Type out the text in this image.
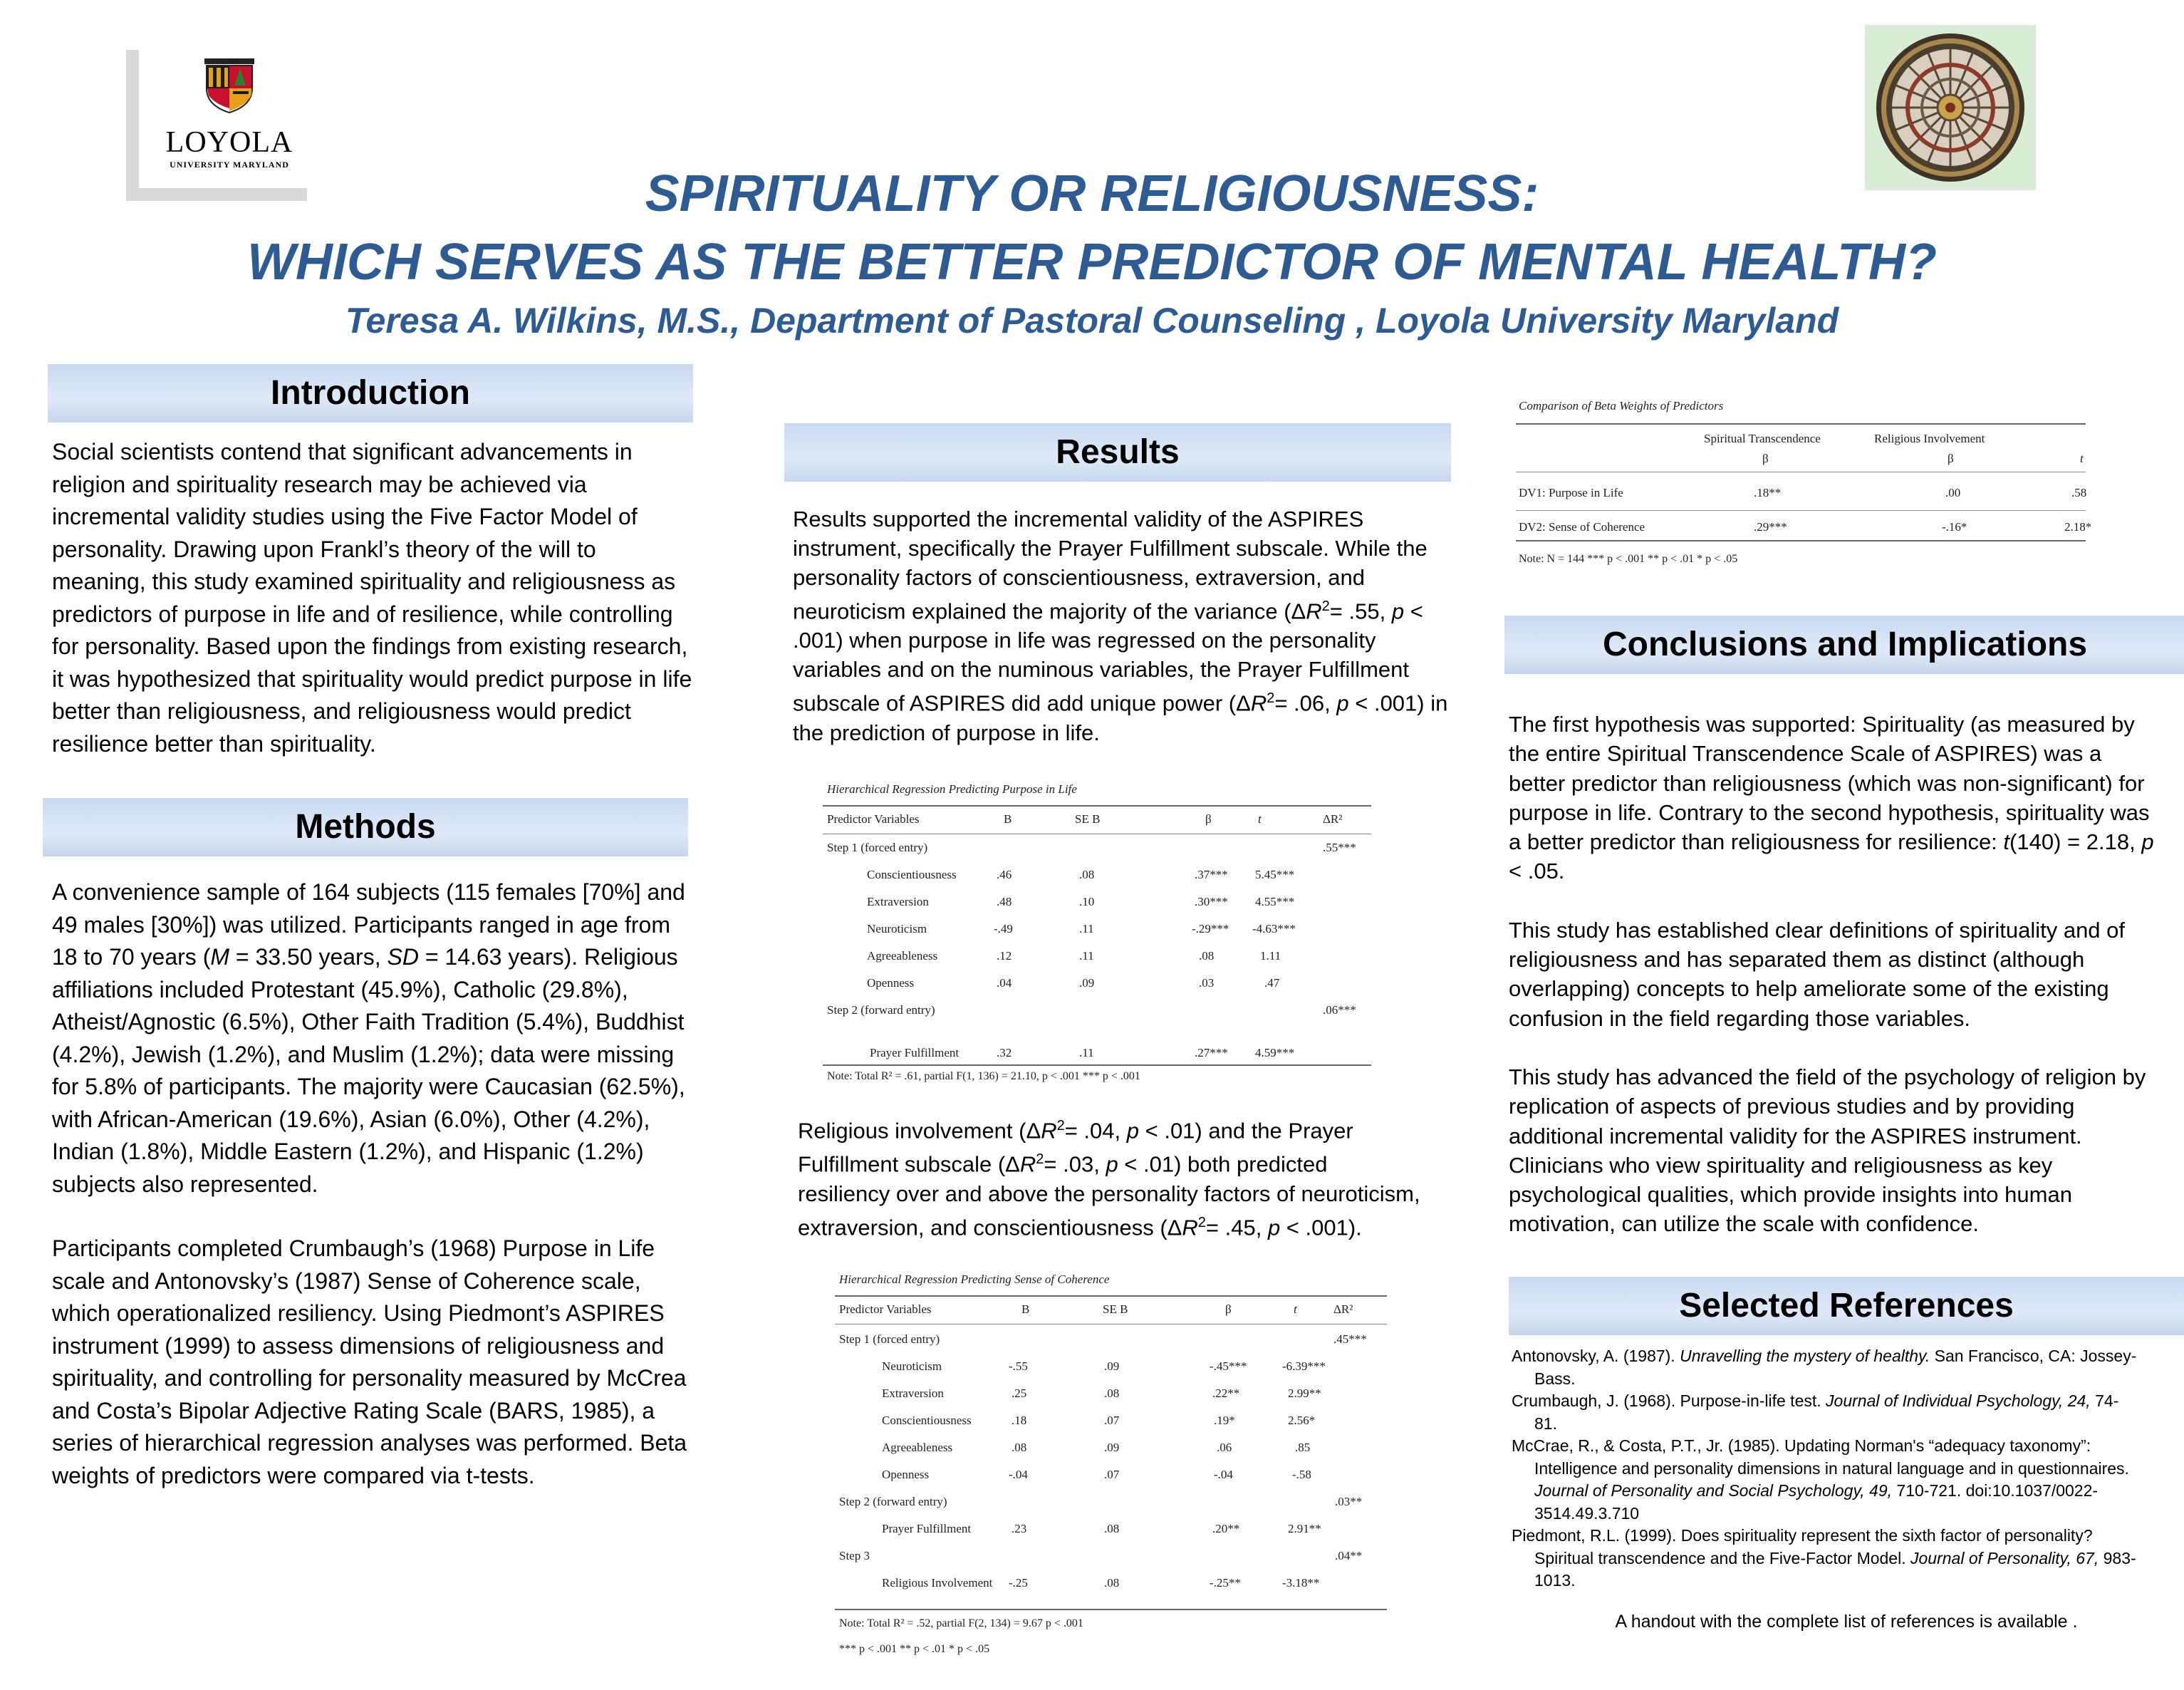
LOYOLA
UNIVERSITY MARYLAND
SPIRITUALITY OR RELIGIOUSNESS:
WHICH SERVES AS THE BETTER PREDICTOR OF MENTAL HEALTH?
Teresa A. Wilkins, M.S., Department of Pastoral Counseling , Loyola University Maryland
Introduction

Social scientists contend that significant advancements in religion and spirituality research may be achieved via incremental validity studies using the Five Factor Model of personality. Drawing upon Frankl’s theory of the will to meaning, this study examined spirituality and religiousness as predictors of purpose in life and of resilience, while controlling for personality. Based upon the findings from existing research, it was hypothesized that spirituality would predict purpose in life better than religiousness, and religiousness would predict resilience better than spirituality.

Methods

A convenience sample of 164 subjects (115 females [70%] and 49 males [30%]) was utilized. Participants ranged in age from 18 to 70 years (M = 33.50 years, SD = 14.63 years). Religious affiliations included Protestant (45.9%), Catholic (29.8%), Atheist/Agnostic (6.5%), Other Faith Tradition (5.4%), Buddhist (4.2%), Jewish (1.2%), and Muslim (1.2%); data were missing for 5.8% of participants. The majority were Caucasian (62.5%), with African-American (19.6%), Asian (6.0%), Other (4.2%), Indian (1.8%), Middle Eastern (1.2%), and Hispanic (1.2%) subjects also represented.

Participants completed Crumbaugh’s (1968) Purpose in Life scale and Antonovsky’s (1987) Sense of Coherence scale, which operationalized resiliency. Using Piedmont’s ASPIRES instrument (1999) to assess dimensions of religiousness and spirituality, and controlling for personality measured by McCrea and Costa’s Bipolar Adjective Rating Scale (BARS, 1985), a series of hierarchical regression analyses was performed. Beta weights of predictors were compared via t-tests.

Results

Results supported the incremental validity of the ASPIRES instrument, specifically the Prayer Fulfillment subscale. While the personality factors of conscientiousness, extraversion, and neuroticism explained the majority of the variance ($\Delta R^2= .55$, p < .001) when purpose in life was regressed on the personality variables and on the numinous variables, the Prayer Fulfillment subscale of ASPIRES did add unique power ($\Delta R^2= .06$, p < .001) in the prediction of purpose in life.

Hierarchical Regression Predicting Purpose in Life
Predictor Variables	B	SE B	β	t	ΔR²
Step 1 (forced entry)	.55***
Conscientiousness	.46	.08	.37*** 5.45***
Extraversion	.48	.10	.30*** 4.55***
Neuroticism	-.49	.11	-.29*** -4.63***
Agreeableness	.12	.11	.08	1.11
Openness	.04	.09	.03	.47
Step 2 (forward entry)	.06***
Prayer Fulfillment	.32	.11	.27*** 4.59***
Note: Total R² = .61, partial F(1, 136) = 21.10, p < .001 *** p < .001

Religious involvement ($\Delta R^2= .04$, p < .01) and the Prayer Fulfillment subscale ($\Delta R^2= .03$, p < .01) both predicted resiliency over and above the personality factors of neuroticism, extraversion, and conscientiousness ($\Delta R^2= .45$, p < .001).

Hierarchical Regression Predicting Sense of Coherence
Predictor Variables	B	SE B	β	t	ΔR²
Step 1 (forced entry)	.45***
Neuroticism	-.55	.09	-.45***	-6.39***
Extraversion	.25	.08	.22**	2.99**
Conscientiousness	.18	.07	.19*	2.56*
Agreeableness	.08	.09	.06	.85
Openness	-.04	.07	-.04	-.58
Step 2 (forward entry)	.03**
Prayer Fulfillment	.23	.08	.20**	2.91**
Step 3	.04**
Religious Involvement -.25	.08	-.25**	-3.18**
Note: Total R² = .52, partial F(2, 134) = 9.67 p < .001
*** p < .001 ** p < .01 * p < .05
Comparison of Beta Weights of Predictors
Spiritual Transcendence	Religious Involvement
β	β	t
DV1: Purpose in Life	.18**	.00	.58
DV2: Sense of Coherence	.29***	-.16*	2.18*
Note: N = 144 *** p < .001 ** p < .01 * p < .05
Conclusions and Implications

The first hypothesis was supported: Spirituality (as measured by the entire Spiritual Transcendence Scale of ASPIRES) was a better predictor than religiousness (which was non-significant) for purpose in life. Contrary to the second hypothesis, spirituality was a better predictor than religiousness for resilience: t(140) = 2.18, p < .05.

This study has established clear definitions of spirituality and of religiousness and has separated them as distinct (although overlapping) concepts to help ameliorate some of the existing confusion in the field regarding those variables.

This study has advanced the field of the psychology of religion by replication of aspects of previous studies and by providing additional incremental validity for the ASPIRES instrument. Clinicians who view spirituality and religiousness as key psychological qualities, which provide insights into human motivation, can utilize the scale with confidence.

Selected References

Antonovsky, A. (1987). Unravelling the mystery of healthy. San Francisco, CA: Jossey-Bass.

Crumbaugh, J. (1968). Purpose-in-life test. Journal of Individual Psychology, 24, 74-81.

McCrae, R., & Costa, P.T., Jr. (1985). Updating Norman's “adequacy taxonomy”: Intelligence and personality dimensions in natural language and in questionnaires. Journal of Personality and Social Psychology, 49, 710-721. doi:10.1037/0022-3514.49.3.710

Piedmont, R.L. (1999). Does spirituality represent the sixth factor of personality? Spiritual transcendence and the Five-Factor Model. Journal of Personality, 67, 983-1013.

A handout with the complete list of references is available .
